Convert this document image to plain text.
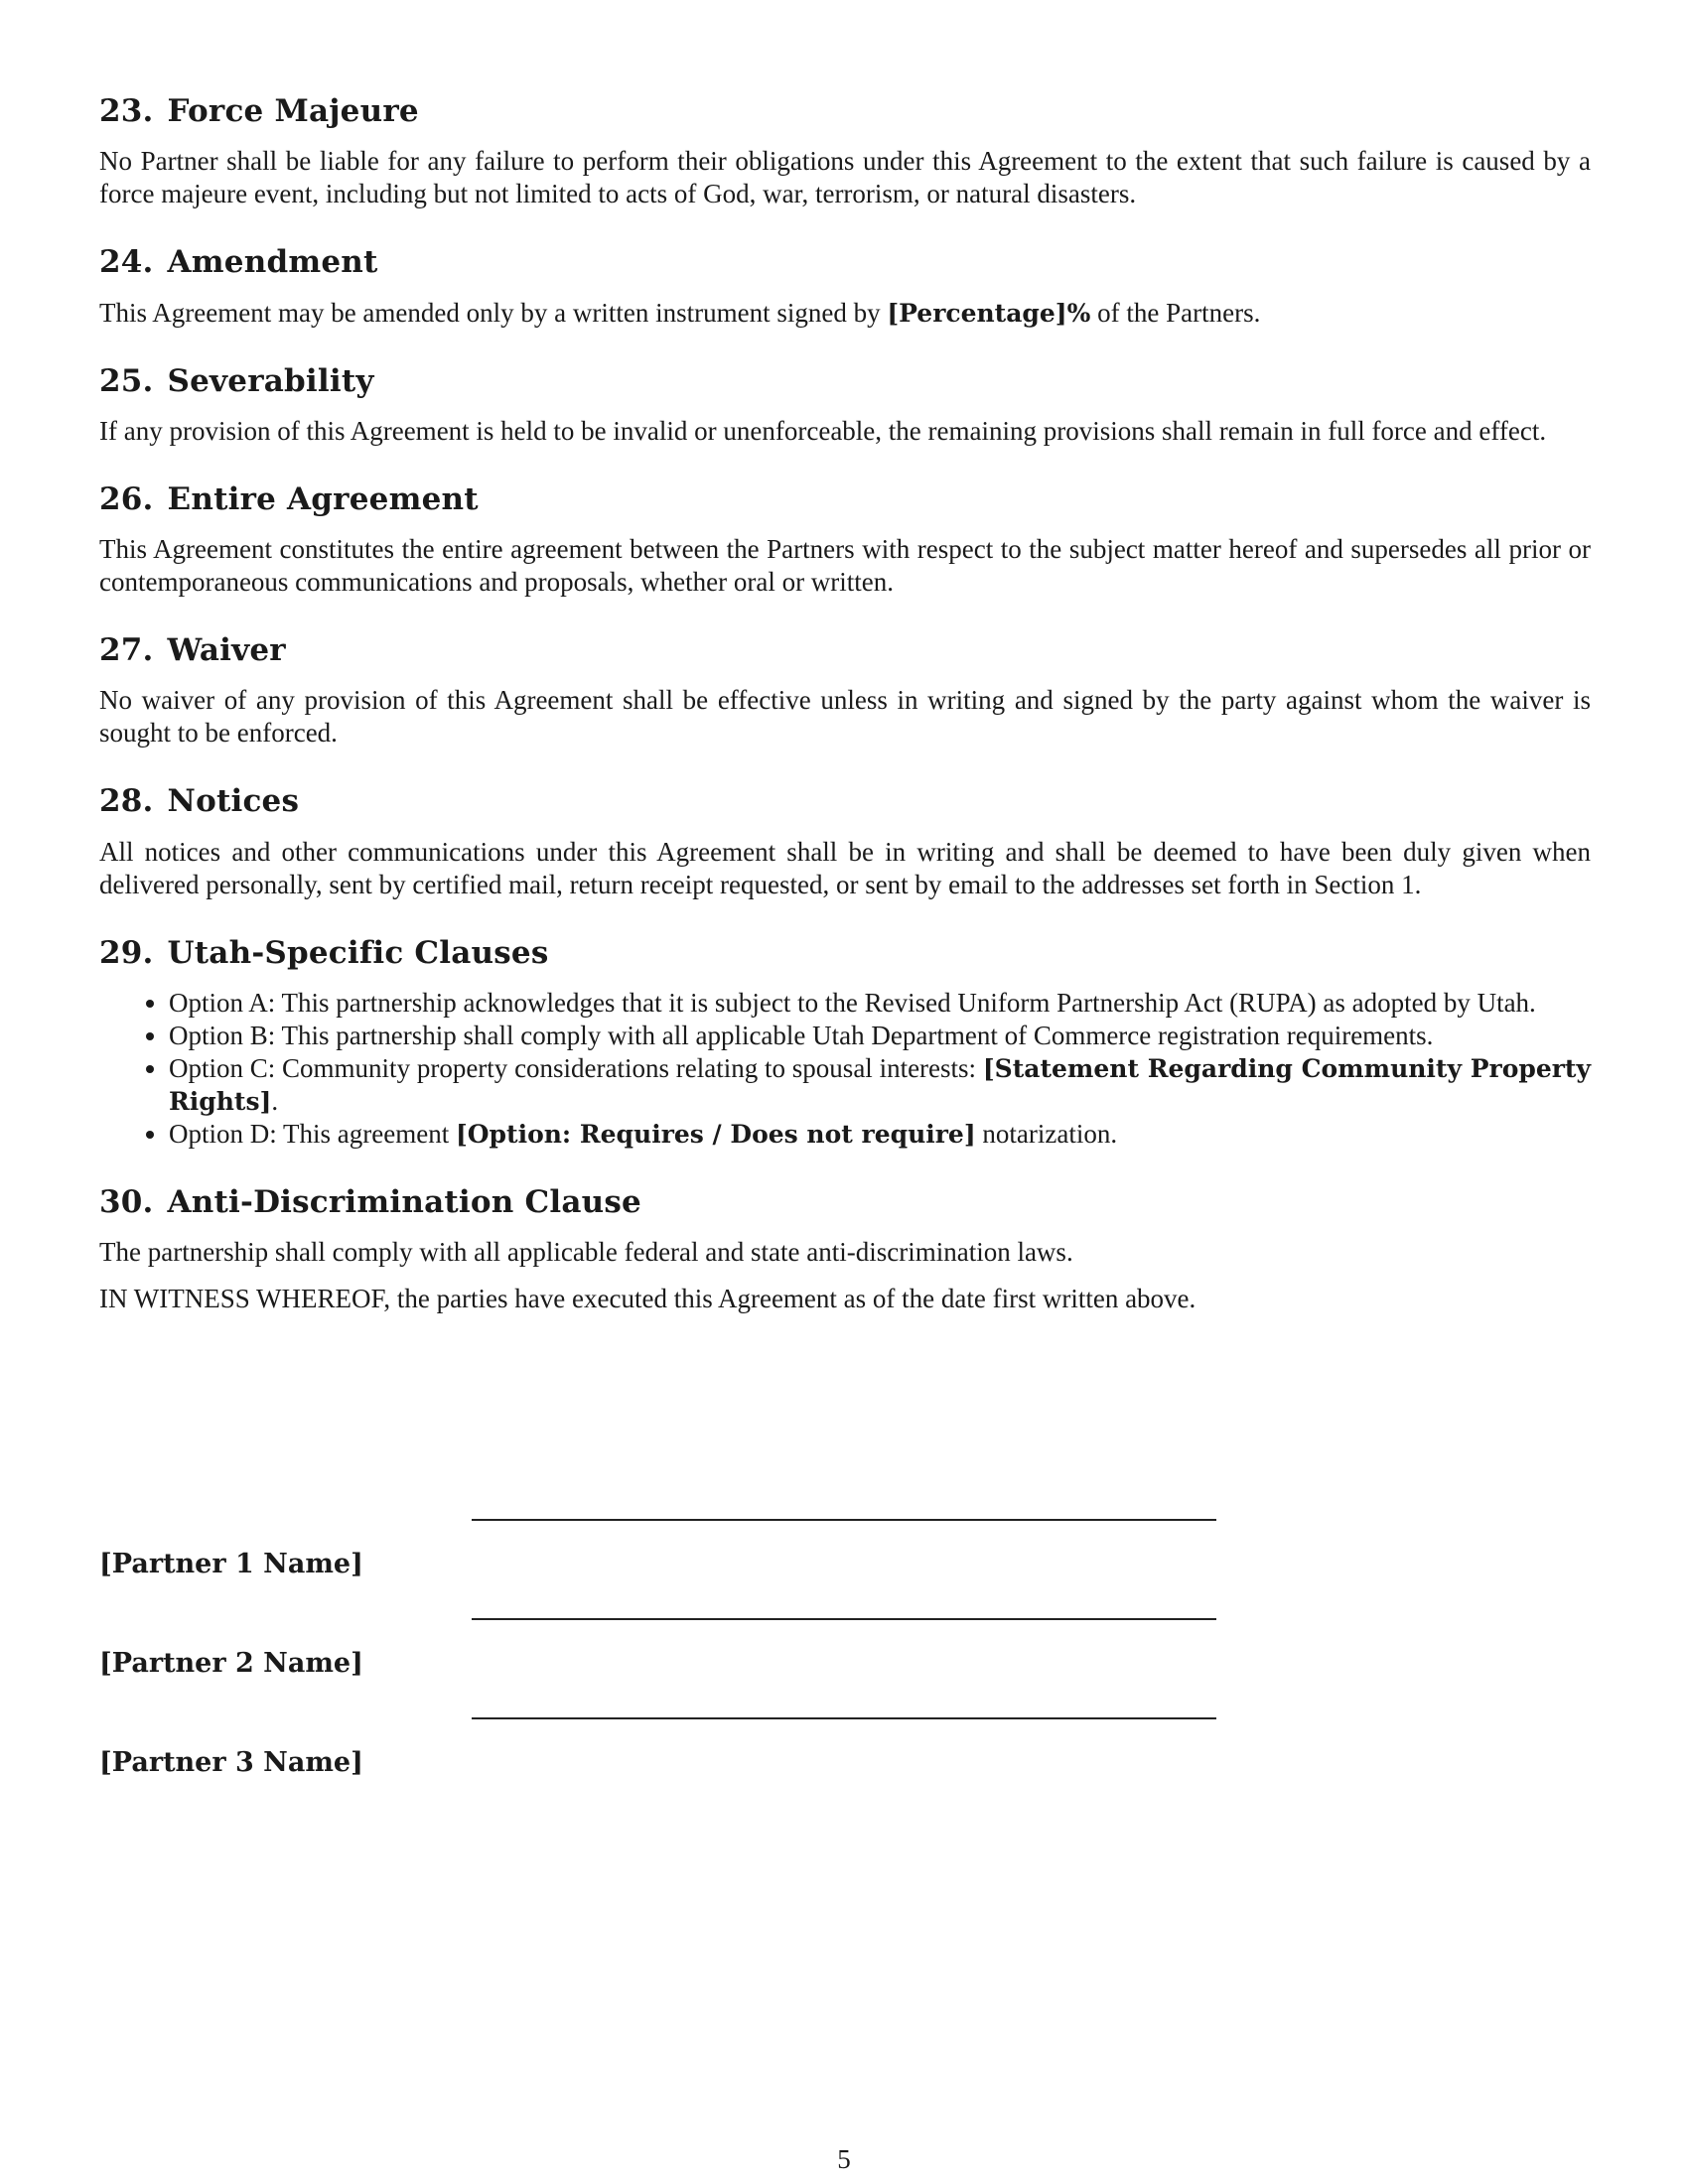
23. Force Majeure

No Partner shall be liable for any failure to perform their obligations under this Agreement to the extent that such failure is caused by a force majeure event, including but not limited to acts of God, war, terrorism, or natural disasters.

24. Amendment

This Agreement may be amended only by a written instrument signed by [Percentage]% of the Partners.

25. Severability

If any provision of this Agreement is held to be invalid or unenforceable, the remaining provisions shall remain in full force and effect.

26. Entire Agreement

This Agreement constitutes the entire agreement between the Partners with respect to the subject matter hereof and supersedes all prior or contemporaneous communications and proposals, whether oral or written.

27. Waiver

No waiver of any provision of this Agreement shall be effective unless in writing and signed by the party against whom the waiver is sought to be enforced.

28. Notices

All notices and other communications under this Agreement shall be in writing and shall be deemed to have been duly given when delivered personally, sent by certified mail, return receipt requested, or sent by email to the addresses set forth in Section 1.

29. Utah-Specific Clauses
• Option A: This partnership acknowledges that it is subject to the Revised Uniform Partnership Act (RUPA) as adopted by Utah.
• Option B: This partnership shall comply with all applicable Utah Department of Commerce registration requirements.
• Option C: Community property considerations relating to spousal interests: [Statement Regarding Community Property Rights].
• Option D: This agreement [Option: Requires / Does not require] notarization.
30. Anti-Discrimination Clause

The partnership shall comply with all applicable federal and state anti-discrimination laws.

IN WITNESS WHEREOF, the parties have executed this Agreement as of the date first written above.

[Partner 1 Name]
[Partner 2 Name]
[Partner 3 Name]
5
